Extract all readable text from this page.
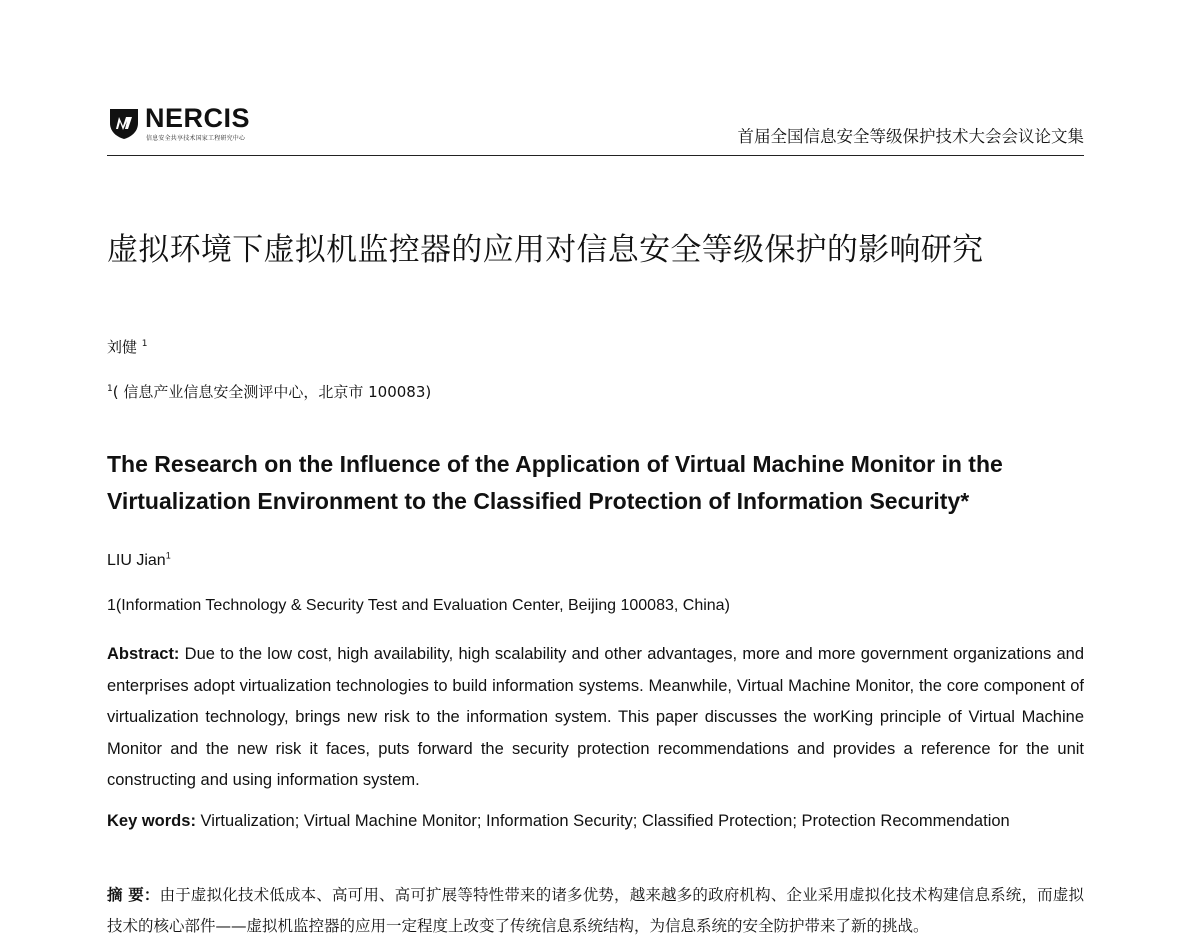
NERCIS
信息安全共享技术国家工程研究中心	首届全国信息安全等级保护技术大会会议论文集
虚拟环境下虚拟机监控器的应用对信息安全等级保护的影响研究
刘健 $^1$
$^1$( 信息产业信息安全测评中心，北京市 100083)
The Research on the Influence of the Application of Virtual Machine Monitor in the Virtualization Environment to the Classified Protection of Information Security*
LIU Jian$^1$
1(Information Technology & Security Test and Evaluation Center, Beijing 100083, China)

Abstract: Due to the low cost, high availability, high scalability and other advantages, more and more government organizations and enterprises adopt virtualization technologies to build information systems. Meanwhile, Virtual Machine Monitor, the core component of virtualization technology, brings new risk to the information system. This paper discusses the worKing principle of Virtual Machine Monitor and the new risk it faces, puts forward the security protection recommendations and provides a reference for the unit constructing and using information system.

Key words: Virtualization; Virtual Machine Monitor; Information Security; Classified Protection; Protection Recommendation

摘 要：由于虚拟化技术低成本、高可用、高可扩展等特性带来的诸多优势，越来越多的政府机构、企业采用虚拟化技术构建信息系统，而虚拟技术的核心部件——虚拟机监控器的应用一定程度上改变了传统信息系统结构，为信息系统的安全防护带来了新的挑战。
